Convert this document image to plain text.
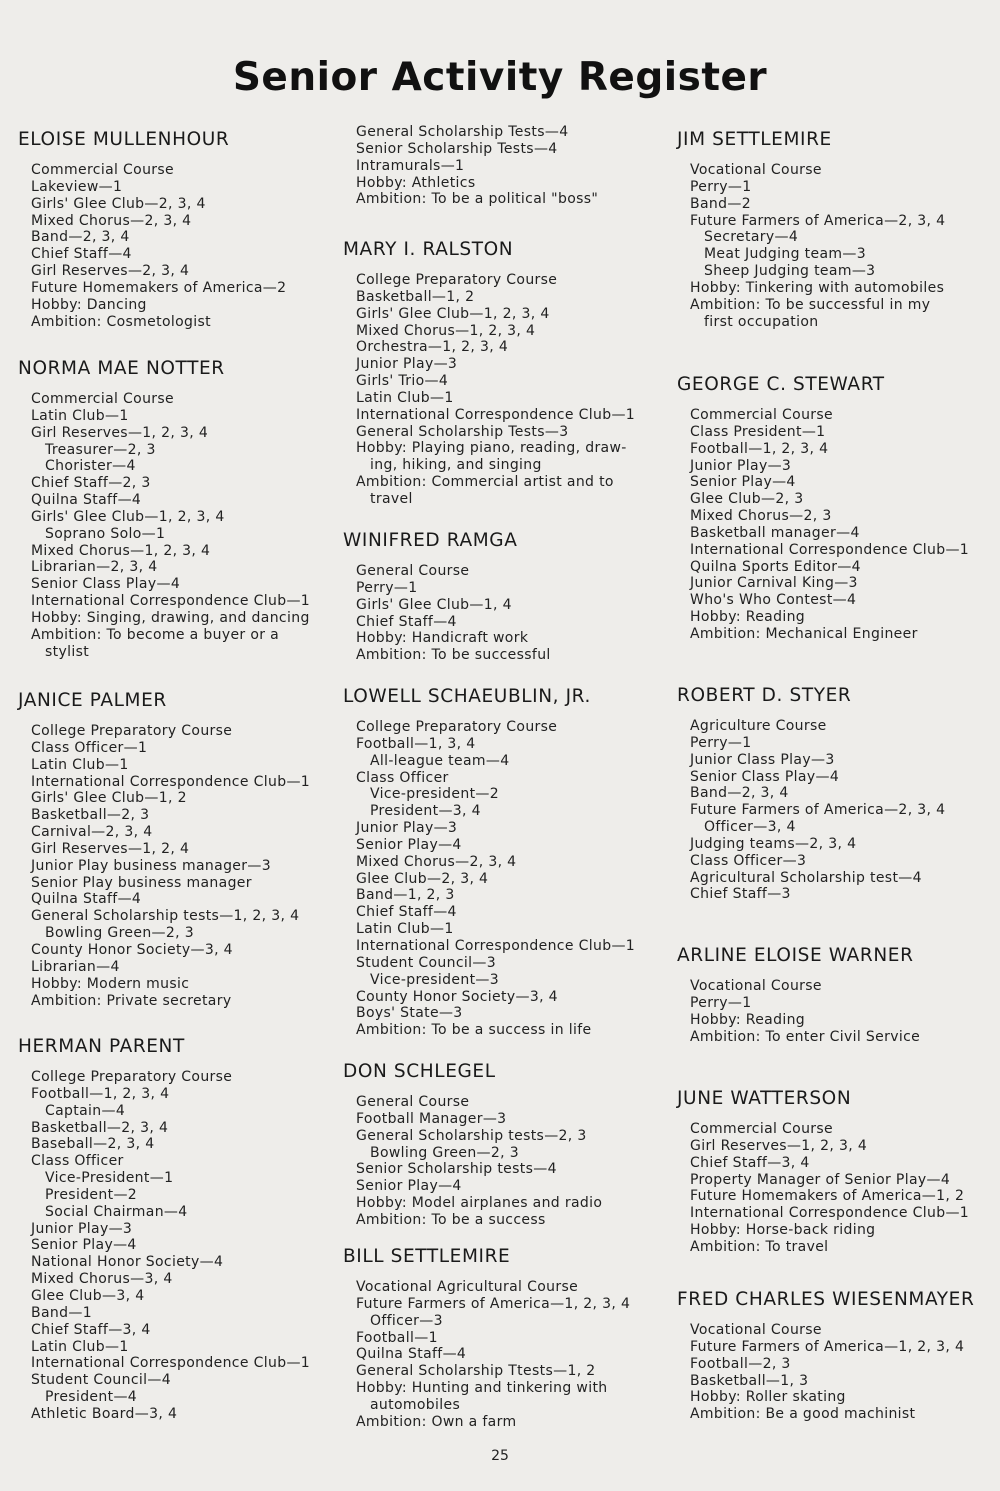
Senior Activity Register
ELOISE MULLENHOUR
Commercial Course
Lakeview—1
Girls' Glee Club—2, 3, 4
Mixed Chorus—2, 3, 4
Band—2, 3, 4
Chief Staff—4
Girl Reserves—2, 3, 4
Future Homemakers of America—2
Hobby: Dancing
Ambition: Cosmetologist
NORMA MAE NOTTER
Commercial Course
Latin Club—1
Girl Reserves—1, 2, 3, 4
Treasurer—2, 3
Chorister—4
Chief Staff—2, 3
Quilna Staff—4
Girls' Glee Club—1, 2, 3, 4
Soprano Solo—1
Mixed Chorus—1, 2, 3, 4
Librarian—2, 3, 4
Senior Class Play—4
International Correspondence Club—1
Hobby: Singing, drawing, and dancing
Ambition: To become a buyer or a
stylist
JANICE PALMER
College Preparatory Course
Class Officer—1
Latin Club—1
International Correspondence Club—1
Girls' Glee Club—1, 2
Basketball—2, 3
Carnival—2, 3, 4
Girl Reserves—1, 2, 4
Junior Play business manager—3
Senior Play business manager
Quilna Staff—4
General Scholarship tests—1, 2, 3, 4
Bowling Green—2, 3
County Honor Society—3, 4
Librarian—4
Hobby: Modern music
Ambition: Private secretary
HERMAN PARENT
College Preparatory Course
Football—1, 2, 3, 4
Captain—4
Basketball—2, 3, 4
Baseball—2, 3, 4
Class Officer
Vice-President—1
President—2
Social Chairman—4
Junior Play—3
Senior Play—4
National Honor Society—4
Mixed Chorus—3, 4
Glee Club—3, 4
Band—1
Chief Staff—3, 4
Latin Club—1
International Correspondence Club—1
Student Council—4
President—4
Athletic Board—3, 4
General Scholarship Tests—4
Senior Scholarship Tests—4
Intramurals—1
Hobby: Athletics
Ambition: To be a political "boss"
MARY I. RALSTON
College Preparatory Course
Basketball—1, 2
Girls' Glee Club—1, 2, 3, 4
Mixed Chorus—1, 2, 3, 4
Orchestra—1, 2, 3, 4
Junior Play—3
Girls' Trio—4
Latin Club—1
International Correspondence Club—1
General Scholarship Tests—3
Hobby: Playing piano, reading, draw-
ing, hiking, and singing
Ambition: Commercial artist and to
travel
WINIFRED RAMGA
General Course
Perry—1
Girls' Glee Club—1, 4
Chief Staff—4
Hobby: Handicraft work
Ambition: To be successful
LOWELL SCHAEUBLIN, JR.
College Preparatory Course
Football—1, 3, 4
All-league team—4
Class Officer
Vice-president—2
President—3, 4
Junior Play—3
Senior Play—4
Mixed Chorus—2, 3, 4
Glee Club—2, 3, 4
Band—1, 2, 3
Chief Staff—4
Latin Club—1
International Correspondence Club—1
Student Council—3
Vice-president—3
County Honor Society—3, 4
Boys' State—3
Ambition: To be a success in life
DON SCHLEGEL
General Course
Football Manager—3
General Scholarship tests—2, 3
Bowling Green—2, 3
Senior Scholarship tests—4
Senior Play—4
Hobby: Model airplanes and radio
Ambition: To be a success
BILL SETTLEMIRE
Vocational Agricultural Course
Future Farmers of America—1, 2, 3, 4
Officer—3
Football—1
Quilna Staff—4
General Scholarship Ttests—1, 2
Hobby: Hunting and tinkering with
automobiles
Ambition: Own a farm
JIM SETTLEMIRE
Vocational Course
Perry—1
Band—2
Future Farmers of America—2, 3, 4
Secretary—4
Meat Judging team—3
Sheep Judging team—3
Hobby: Tinkering with automobiles
Ambition: To be successful in my
first occupation
GEORGE C. STEWART
Commercial Course
Class President—1
Football—1, 2, 3, 4
Junior Play—3
Senior Play—4
Glee Club—2, 3
Mixed Chorus—2, 3
Basketball manager—4
International Correspondence Club—1
Quilna Sports Editor—4
Junior Carnival King—3
Who's Who Contest—4
Hobby: Reading
Ambition: Mechanical Engineer
ROBERT D. STYER
Agriculture Course
Perry—1
Junior Class Play—3
Senior Class Play—4
Band—2, 3, 4
Future Farmers of America—2, 3, 4
Officer—3, 4
Judging teams—2, 3, 4
Class Officer—3
Agricultural Scholarship test—4
Chief Staff—3
ARLINE ELOISE WARNER
Vocational Course
Perry—1
Hobby: Reading
Ambition: To enter Civil Service
JUNE WATTERSON
Commercial Course
Girl Reserves—1, 2, 3, 4
Chief Staff—3, 4
Property Manager of Senior Play—4
Future Homemakers of America—1, 2
International Correspondence Club—1
Hobby: Horse-back riding
Ambition: To travel
FRED CHARLES WIESENMAYER
Vocational Course
Future Farmers of America—1, 2, 3, 4
Football—2, 3
Basketball—1, 3
Hobby: Roller skating
Ambition: Be a good machinist
25
